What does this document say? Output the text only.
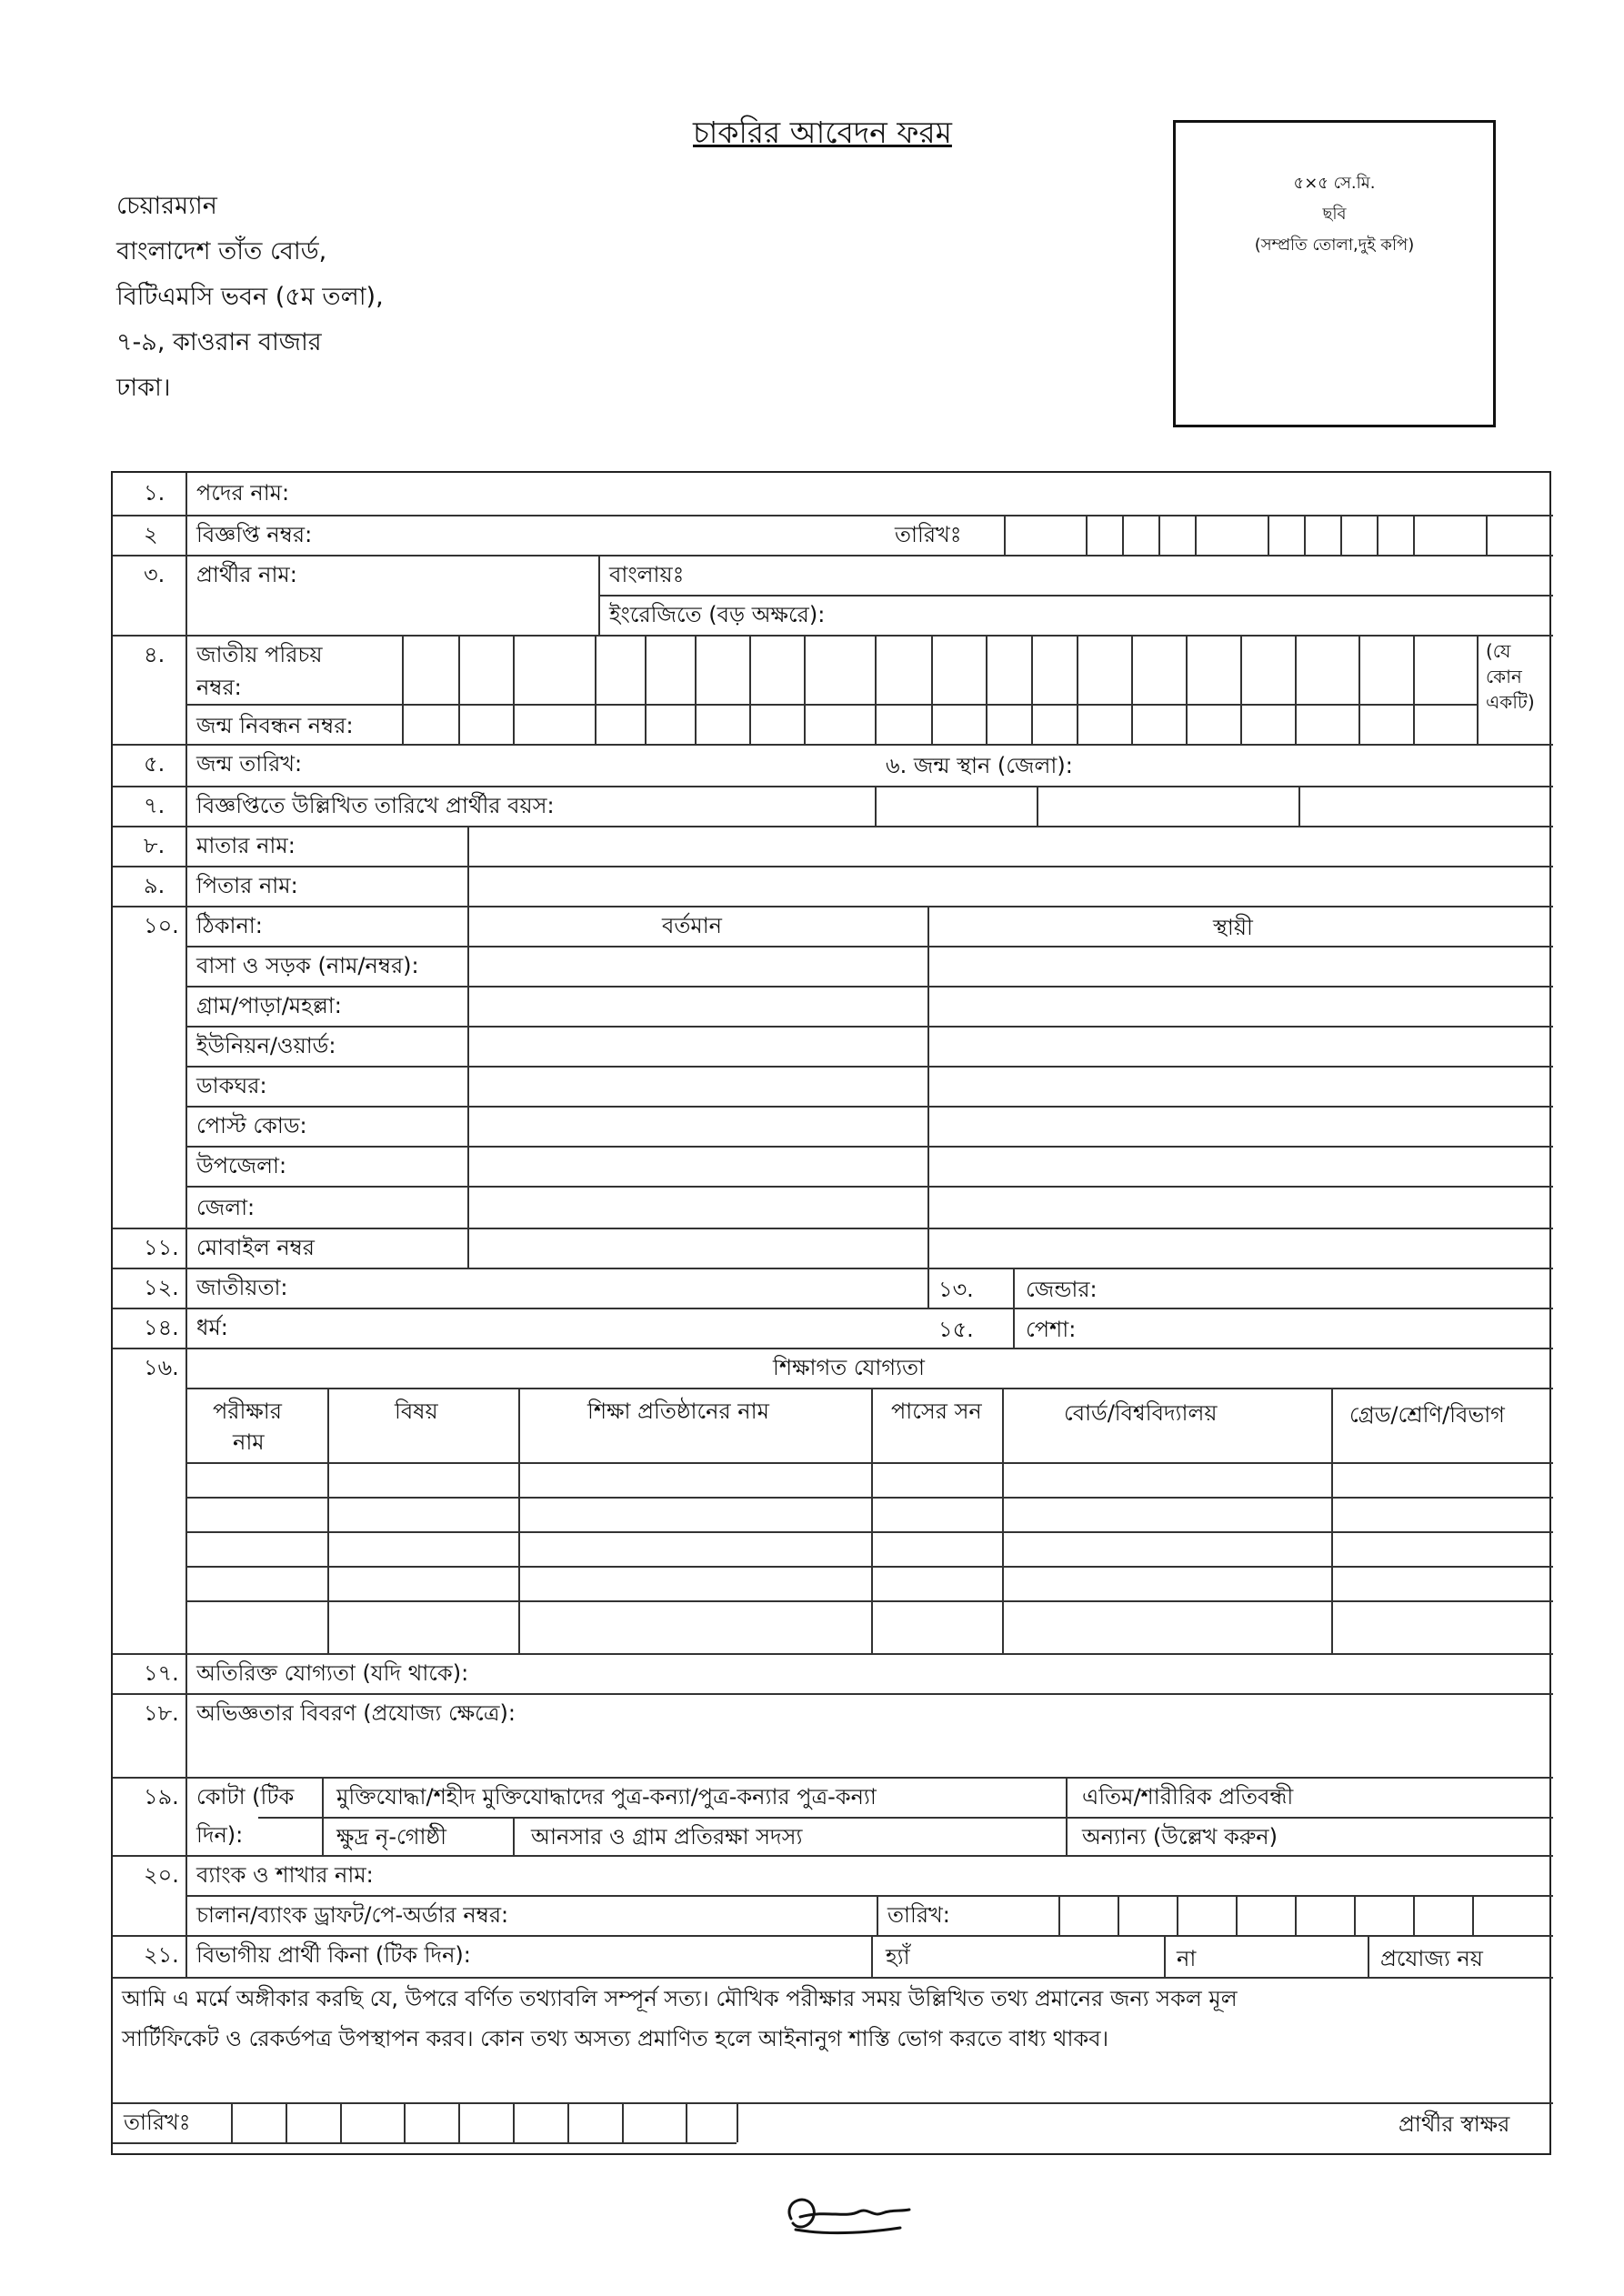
চাকরির আবেদন ফরম
চেয়ারম্যান
বাংলাদেশ তাঁত বোর্ড,
বিটিএমসি ভবন (৫ম তলা),
৭-৯, কাওরান বাজার
ঢাকা।
৫×৫ সে.মি.
ছবি
(সম্প্রতি তোলা,দুই কপি)
১. পদের নাম:
২ বিজ্ঞপ্তি নম্বর:	তারিখঃ
৩. প্রার্থীর নাম:	বাংলায়ঃ
ইংরেজিতে (বড় অক্ষরে):
৪. জাতীয় পরিচয়
নম্বর:
জন্ম নিবন্ধন নম্বর:
(যে
কোন
একটি)
৫. জন্ম তারিখ:	৬. জন্ম স্থান (জেলা):
৭. বিজ্ঞপ্তিতে উল্লিখিত তারিখে প্রার্থীর বয়স:
৮. মাতার নাম:
৯. পিতার নাম:
১০. ঠিকানা:	বর্তমান	স্থায়ী
বাসা ও সড়ক (নাম/নম্বর):
গ্রাম/পাড়া/মহল্লা:
ইউনিয়ন/ওয়ার্ড:
ডাকঘর:
পোস্ট কোড:
উপজেলা:
জেলা:
১১. মোবাইল নম্বর
১২. জাতীয়তা:	১৩. জেন্ডার:
১৪. ধর্ম:	১৫. পেশা:
১৬.	শিক্ষাগত যোগ্যতা
পরীক্ষার
নাম
বিষয়	শিক্ষা প্রতিষ্ঠানের নাম	পাসের সন	বোর্ড/বিশ্ববিদ্যালয়	গ্রেড/শ্রেণি/বিভাগ
১৭. অতিরিক্ত যোগ্যতা (যদি থাকে):
১৮. অভিজ্ঞতার বিবরণ (প্রযোজ্য ক্ষেত্রে):
১৯. কোটা (টিক
দিন):
মুক্তিযোদ্ধা/শহীদ মুক্তিযোদ্ধাদের পুত্র-কন্যা/পুত্র-কন্যার পুত্র-কন্যা	এতিম/শারীরিক প্রতিবন্ধী
ক্ষুদ্র নৃ-গোষ্ঠী	আনসার ও গ্রাম প্রতিরক্ষা সদস্য	অন্যান্য (উল্লেখ করুন)
২০. ব্যাংক ও শাখার নাম:
চালান/ব্যাংক ড্রাফট/পে-অর্ডার নম্বর:	তারিখ:
২১. বিভাগীয় প্রার্থী কিনা (টিক দিন):	হ্যাঁ	না	প্রযোজ্য নয়
আমি এ মর্মে অঙ্গীকার করছি যে, উপরে বর্ণিত তথ্যাবলি সম্পূর্ন সত্য। মৌখিক পরীক্ষার সময় উল্লিখিত তথ্য প্রমানের জন্য সকল মূল
সার্টিফিকেট ও রেকর্ডপত্র উপস্থাপন করব। কোন তথ্য অসত্য প্রমাণিত হলে আইনানুগ শাস্তি ভোগ করতে বাধ্য থাকব।
তারিখঃ	প্রার্থীর স্বাক্ষর
